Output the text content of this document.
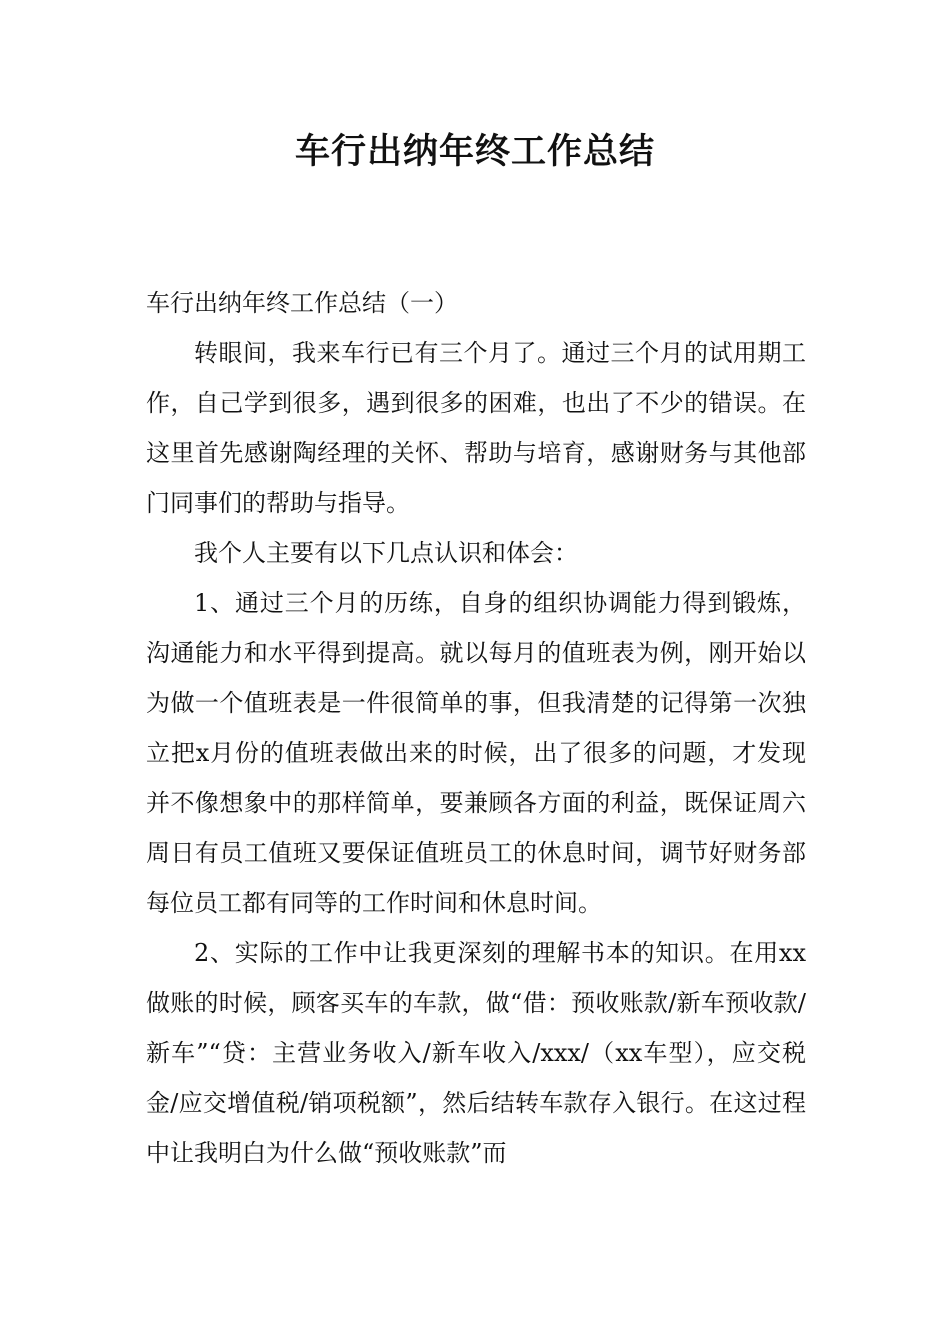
车行出纳年终工作总结

车行出纳年终工作总结（一）

转眼间，我来车行已有三个月了。通过三个月的试用期工作，自己学到很多，遇到很多的困难，也出了不少的错误。在这里首先感谢陶经理的关怀、帮助与培育，感谢财务与其他部门同事们的帮助与指导。

我个人主要有以下几点认识和体会：

1、通过三个月的历练，自身的组织协调能力得到锻炼，沟通能力和水平得到提高。就以每月的值班表为例，刚开始以为做一个值班表是一件很简单的事，但我清楚的记得第一次独立把x月份的值班表做出来的时候，出了很多的问题，才发现并不像想象中的那样简单，要兼顾各方面的利益，既保证周六周日有员工值班又要保证值班员工的休息时间，调节好财务部每位员工都有同等的工作时间和休息时间。

2、实际的工作中让我更深刻的理解书本的知识。在用xx做账的时候，顾客买车的车款，做“借：预收账款/新车预收款/新车”“贷：主营业务收入/新车收入/xxx/（xx车型），应交税金/应交增值税/销项税额”，然后结转车款存入银行。在这过程中让我明白为什么做“预收账款”而
